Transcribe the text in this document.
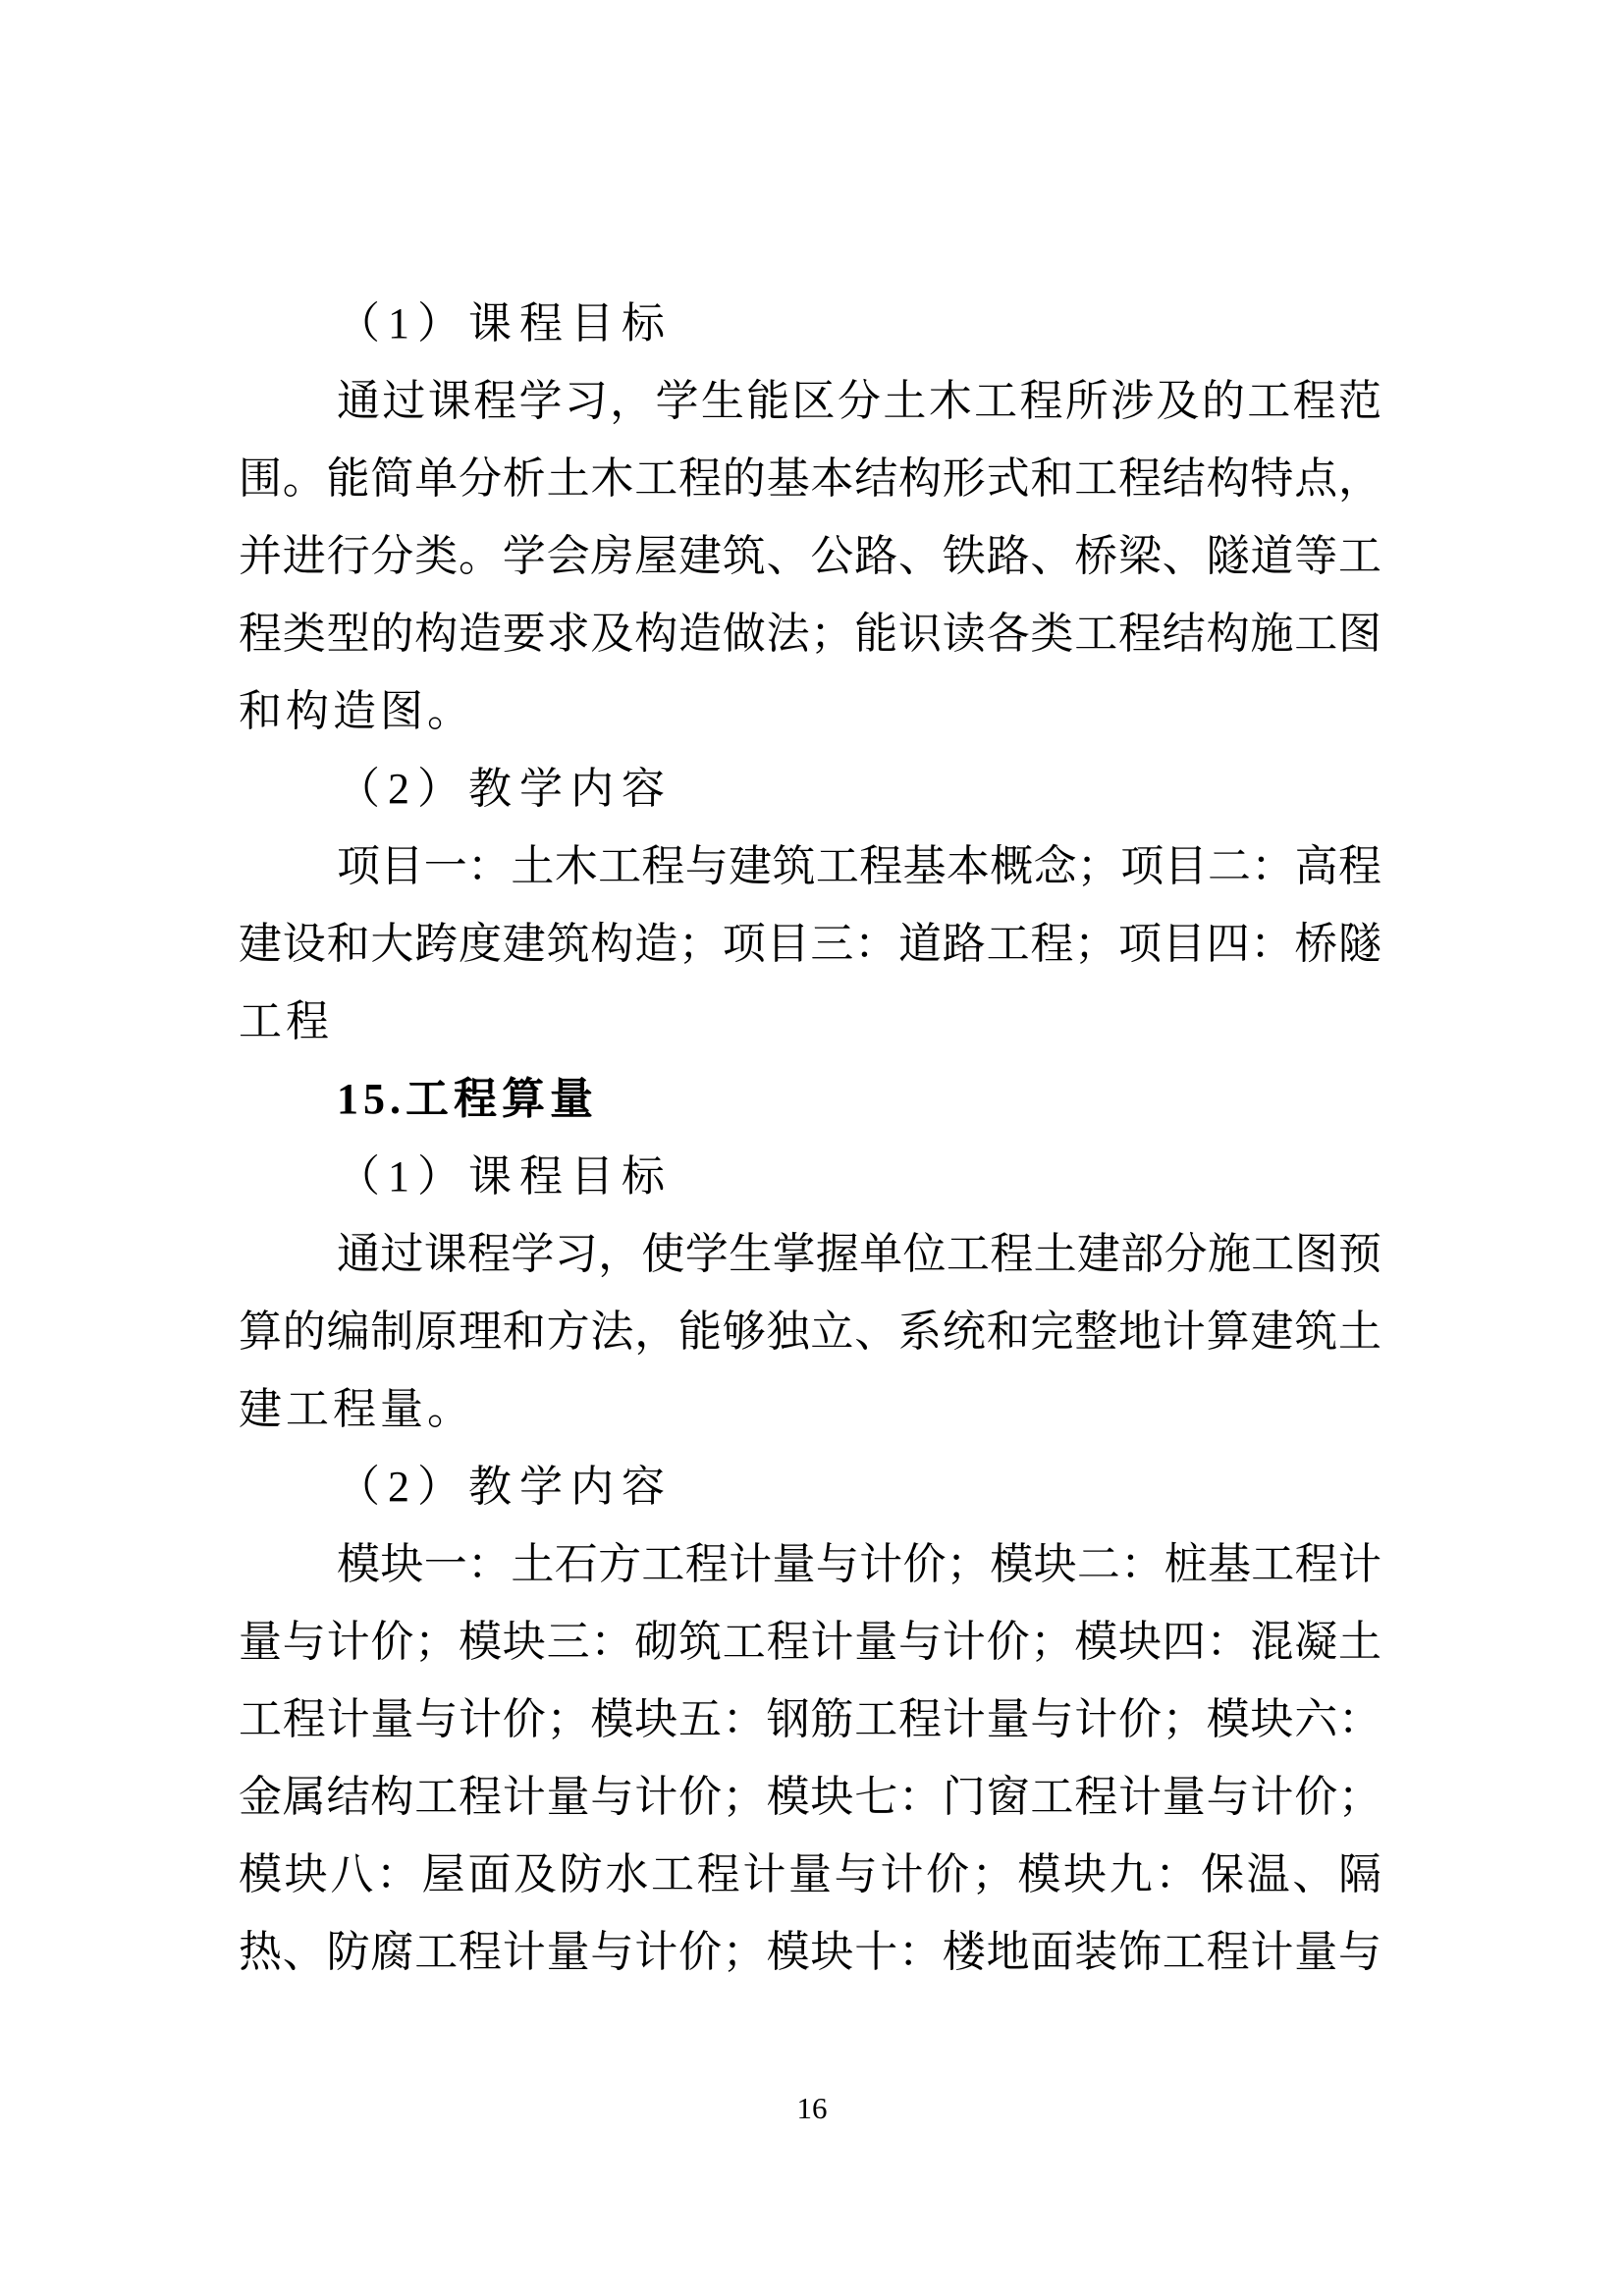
（1）课程目标
通过课程学习，学生能区分土木工程所涉及的工程范
围。能简单分析土木工程的基本结构形式和工程结构特点，
并进行分类。学会房屋建筑、公路、铁路、桥梁、隧道等工
程类型的构造要求及构造做法；能识读各类工程结构施工图
和构造图。
（2）教学内容
项目一：土木工程与建筑工程基本概念；项目二：高程
建设和大跨度建筑构造；项目三：道路工程；项目四：桥隧
工程
15.工程算量
（1）课程目标
通过课程学习，使学生掌握单位工程土建部分施工图预
算的编制原理和方法，能够独立、系统和完整地计算建筑土
建工程量。
（2）教学内容
模块一：土石方工程计量与计价；模块二：桩基工程计
量与计价；模块三：砌筑工程计量与计价；模块四：混凝土
工程计量与计价；模块五：钢筋工程计量与计价；模块六：
金属结构工程计量与计价；模块七：门窗工程计量与计价；
模块八：屋面及防水工程计量与计价；模块九：保温、隔
热、防腐工程计量与计价；模块十：楼地面装饰工程计量与
16
